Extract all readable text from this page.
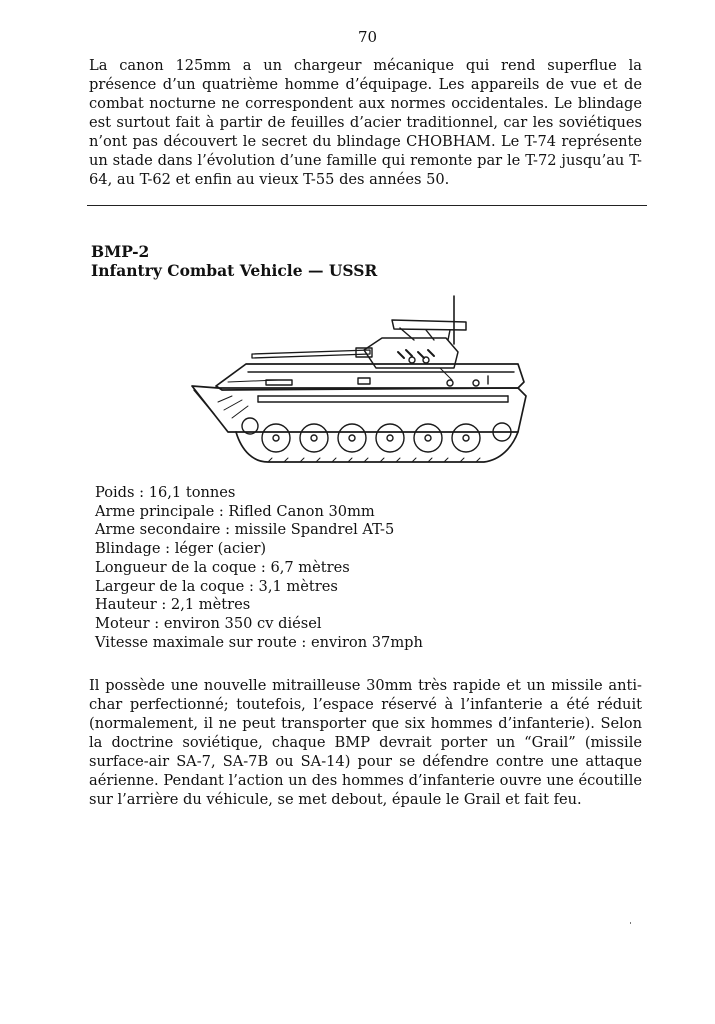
70

La canon 125mm a un chargeur mécanique qui rend superflue la présence d’un quatrième homme d’équipage. Les appareils de vue et de combat nocturne ne correspondent aux normes occidentales. Le blindage est surtout fait à partir de feuilles d’acier traditionnel, car les soviétiques n’ont pas découvert le secret du blindage CHOBHAM. Le T-74 représente un stade dans l’évolution d’une famille qui remonte par le T-72 jusqu’au T-64, au T-62 et enfin au vieux T-55 des années 50.

BMP-2
Infantry Combat Vehicle — USSR
Poids : 16,1 tonnes
Arme principale : Rifled Canon 30mm
Arme secondaire : missile Spandrel AT-5
Blindage : léger (acier)
Longueur de la coque : 6,7 mètres
Largeur de la coque : 3,1 mètres
Hauteur : 2,1 mètres
Moteur : environ 350 cv diésel
Vitesse maximale sur route : environ 37mph

Il possède une nouvelle mitrailleuse 30mm très rapide et un missile anti-char perfectionné; toutefois, l’espace réservé à l’infanterie a été réduit (normalement, il ne peut transporter que six hommes d’infanterie). Selon la doctrine soviétique, chaque BMP devrait porter un “Grail” (missile surface-air SA-7, SA-7B ou SA-14) pour se défendre contre une attaque aérienne. Pendant l’action un des hommes d’infanterie ouvre une écoutille sur l’arrière du véhicule, se met debout, épaule le Grail et fait feu.
